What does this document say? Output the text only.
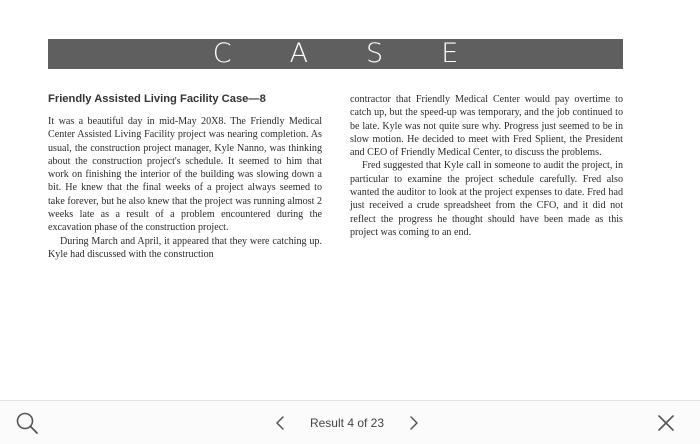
CASE
Friendly Assisted Living Facility Case—8

It was a beautiful day in mid-May 20X8. The Friendly Medical Center Assisted Living Facility project was nearing completion. As usual, the construction project manager, Kyle Nanno, was thinking about the construction project's schedule. It seemed to him that work on finishing the interior of the building was slowing down a bit. He knew that the final weeks of a project always seemed to take forever, but he also knew that the project was running almost 2 weeks late as a result of a problem encountered during the excavation phase of the construction project.

During March and April, it appeared that they were catching up. Kyle had discussed with the construction

contractor that Friendly Medical Center would pay overtime to catch up, but the speed-up was temporary, and the job continued to be late. Kyle was not quite sure why. Progress just seemed to be in slow motion. He decided to meet with Fred Splient, the President and CEO of Friendly Medical Center, to discuss the problems.

Fred suggested that Kyle call in someone to audit the project, in particular to examine the project schedule carefully. Fred also wanted the auditor to look at the project expenses to date. Fred had just received a crude spreadsheet from the CFO, and it did not reflect the progress he thought should have been made as this project was coming to an end.

Result 4 of 23
